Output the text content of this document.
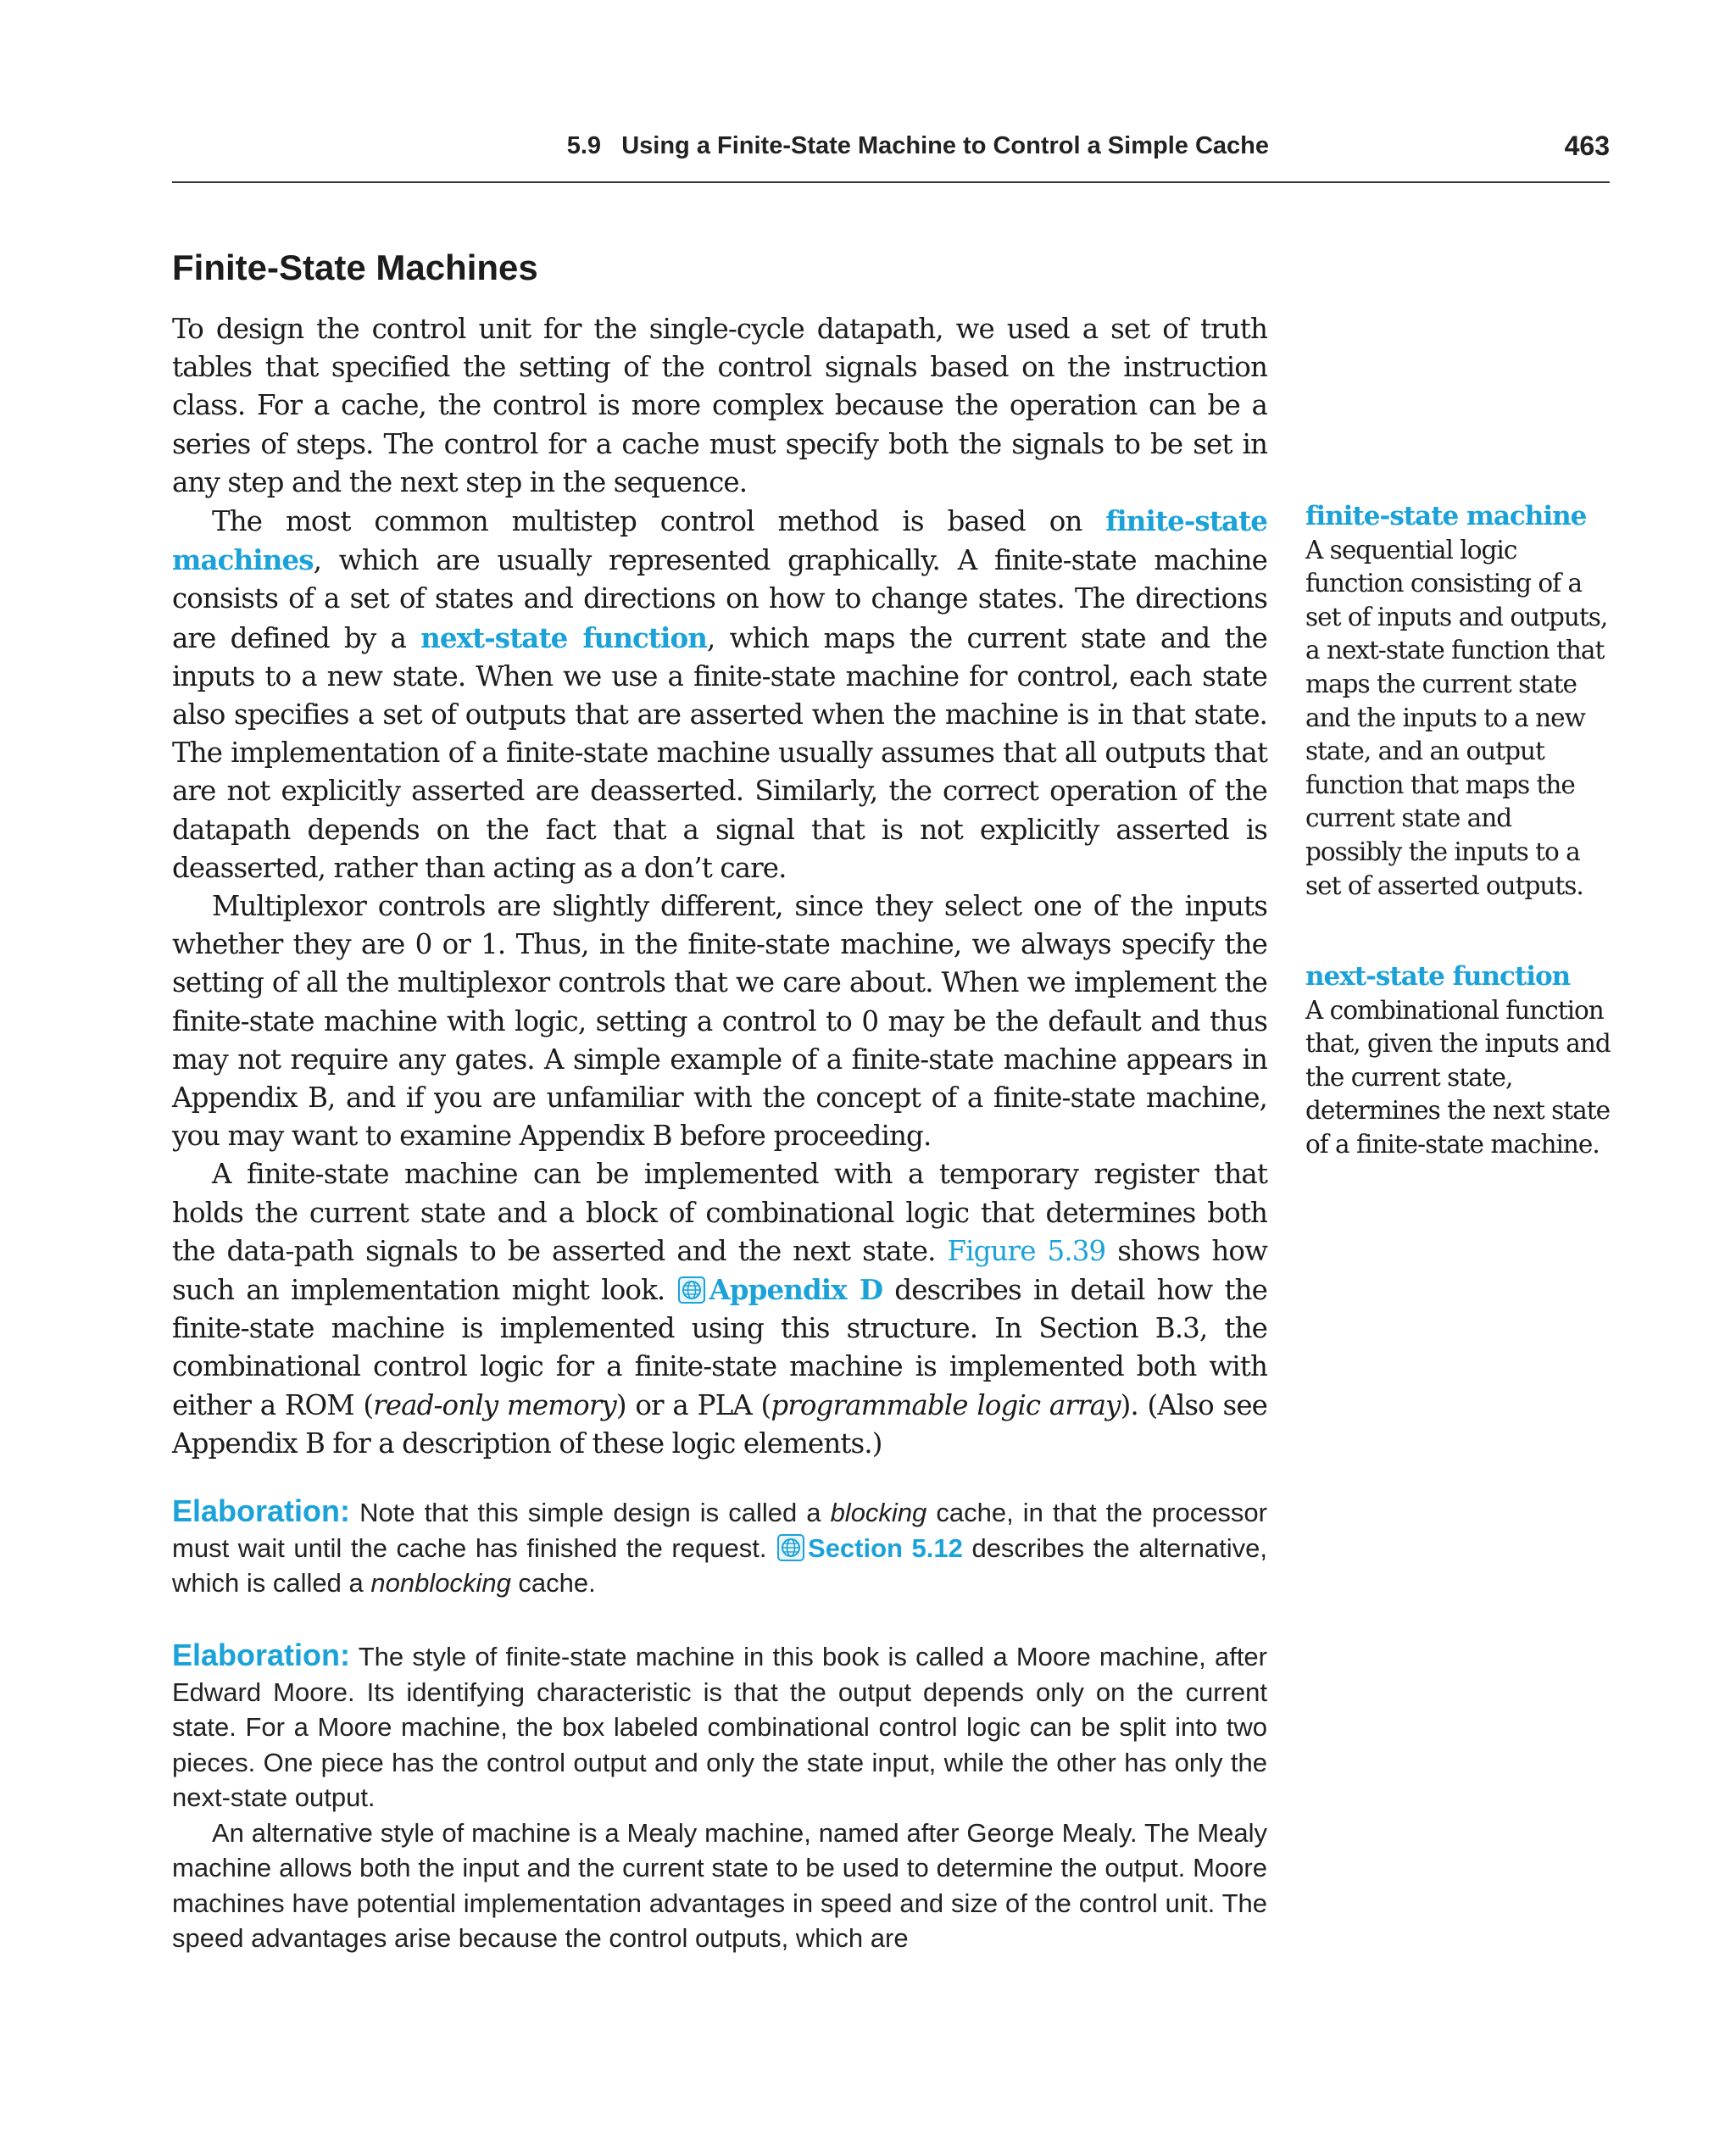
5.9   Using a Finite-State Machine to Control a Simple Cache	463
Finite-State Machines

To design the control unit for the single-cycle datapath, we used a set of truth tables that specified the setting of the control signals based on the instruction class. For a cache, the control is more complex because the operation can be a series of steps. The control for a cache must specify both the signals to be set in any step and the next step in the sequence.

The most common multistep control method is based on finite-state machines, which are usually represented graphically. A finite-state machine consists of a set of states and directions on how to change states. The directions are defined by a next-state function, which maps the current state and the inputs to a new state. When we use a finite-state machine for control, each state also specifies a set of outputs that are asserted when the machine is in that state. The implementation of a finite-state machine usually assumes that all outputs that are not explicitly asserted are deasserted. Similarly, the correct operation of the datapath depends on the fact that a signal that is not explicitly asserted is deasserted, rather than acting as a don’t care.

Multiplexor controls are slightly different, since they select one of the inputs whether they are 0 or 1. Thus, in the finite-state machine, we always specify the setting of all the multiplexor controls that we care about. When we implement the finite-state machine with logic, setting a control to 0 may be the default and thus may not require any gates. A simple example of a finite-state machine appears in Appendix B, and if you are unfamiliar with the concept of a finite-state machine, you may want to examine Appendix B before proceeding.

A finite-state machine can be implemented with a temporary register that holds the current state and a block of combinational logic that determines both the data-path signals to be asserted and the next state. Figure 5.39 shows how such an implementation might look.
Appendix D describes in detail how the finite-state machine is implemented using this structure. In Section B.3, the combinational control logic for a finite-state machine is implemented both with either a ROM (read-only memory) or a PLA (programmable logic array). (Also see Appendix B for a description of these logic elements.)

Elaboration: Note that this simple design is called a blocking cache, in that the processor must wait until the cache has finished the request.
Section 5.12 describes the alternative, which is called a nonblocking cache.

Elaboration: The style of finite-state machine in this book is called a Moore machine, after Edward Moore. Its identifying characteristic is that the output depends only on the current state. For a Moore machine, the box labeled combinational control logic can be split into two pieces. One piece has the control output and only the state input, while the other has only the next-state output.

An alternative style of machine is a Mealy machine, named after George Mealy. The Mealy machine allows both the input and the current state to be used to determine the output. Moore machines have potential implementation advantages in speed and size of the control unit. The speed advantages arise because the control outputs, which are

finite-state machine
A sequential logic function consisting of a set of inputs and outputs, a next-state function that maps the current state and the inputs to a new state, and an output function that maps the current state and possibly the inputs to a set of asserted outputs.
next-state function
A combinational function that, given the inputs and the current state, determines the next state of a finite-state machine.
